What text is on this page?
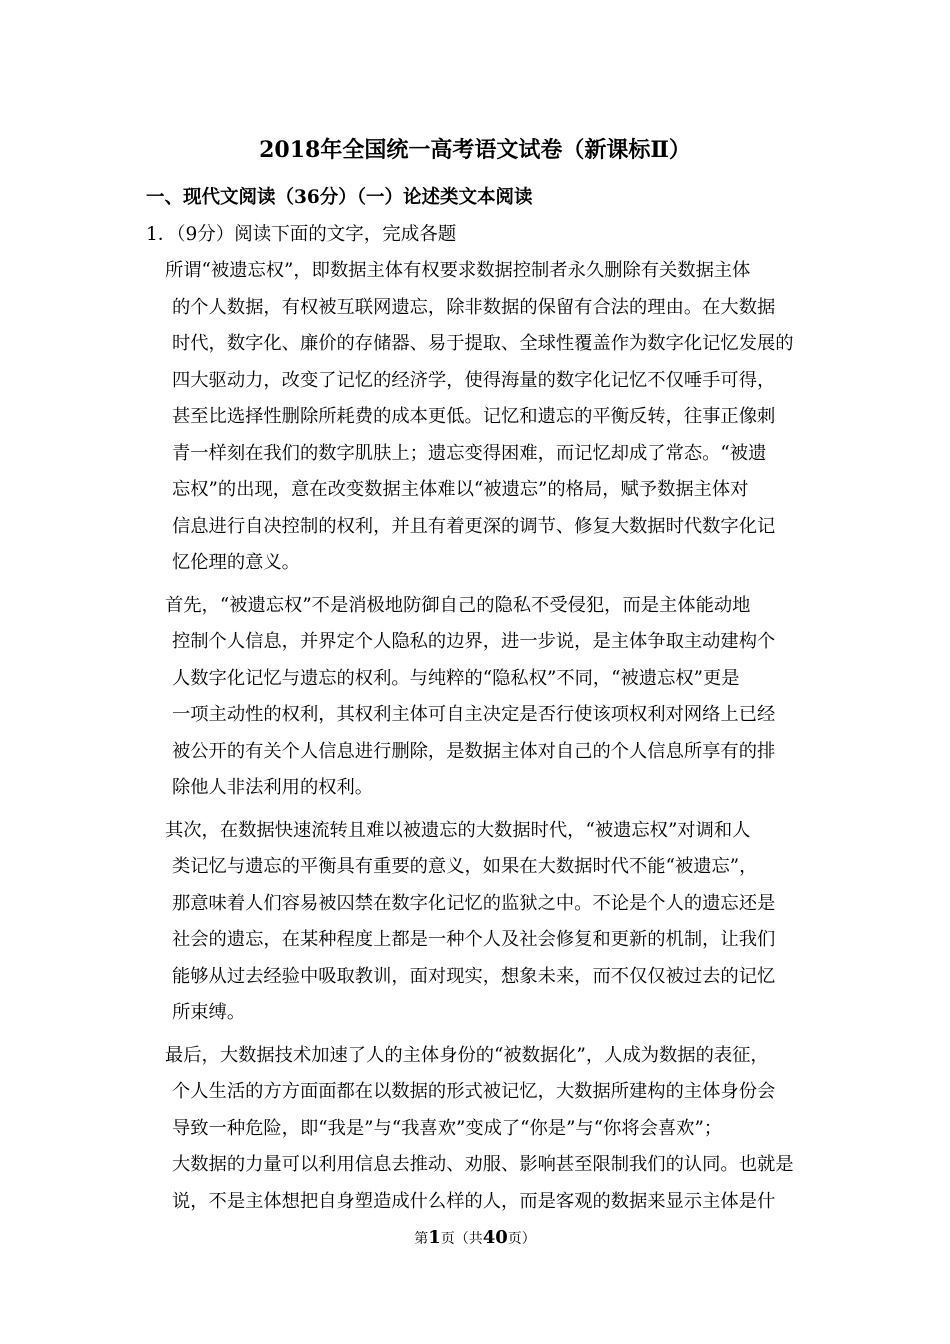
2018年全国统一高考语文试卷（新课标Ⅱ）
一、现代文阅读（36分）（一）论述类文本阅读
1．（9分）阅读下面的文字，完成各题
所谓“被遗忘权”，即数据主体有权要求数据控制者永久删除有关数据主体
的个人数据，有权被互联网遗忘，除非数据的保留有合法的理由。在大数据
时代，数字化、廉价的存储器、易于提取、全球性覆盖作为数字化记忆发展的
四大驱动力，改变了记忆的经济学，使得海量的数字化记忆不仅唾手可得，
甚至比选择性删除所耗费的成本更低。记忆和遗忘的平衡反转，往事正像刺
青一样刻在我们的数字肌肤上；遗忘变得困难，而记忆却成了常态。“被遗
忘权”的出现，意在改变数据主体难以“被遗忘”的格局，赋予数据主体对
信息进行自决控制的权利，并且有着更深的调节、修复大数据时代数字化记
忆伦理的意义。
首先，“被遗忘权”不是消极地防御自己的隐私不受侵犯，而是主体能动地
控制个人信息，并界定个人隐私的边界，进一步说，是主体争取主动建构个
人数字化记忆与遗忘的权利。与纯粹的“隐私权”不同，“被遗忘权”更是
一项主动性的权利，其权利主体可自主决定是否行使该项权利对网络上已经
被公开的有关个人信息进行删除，是数据主体对自己的个人信息所享有的排
除他人非法利用的权利。
其次，在数据快速流转且难以被遗忘的大数据时代，“被遗忘权”对调和人
类记忆与遗忘的平衡具有重要的意义，如果在大数据时代不能“被遗忘”，
那意味着人们容易被囚禁在数字化记忆的监狱之中。不论是个人的遗忘还是
社会的遗忘，在某种程度上都是一种个人及社会修复和更新的机制，让我们
能够从过去经验中吸取教训，面对现实，想象未来，而不仅仅被过去的记忆
所束缚。
最后，大数据技术加速了人的主体身份的“被数据化”，人成为数据的表征，
个人生活的方方面面都在以数据的形式被记忆，大数据所建构的主体身份会
导致一种危险，即“我是”与“我喜欢”变成了“你是”与“你将会喜欢”；
大数据的力量可以利用信息去推动、劝服、影响甚至限制我们的认同。也就是
说，不是主体想把自身塑造成什么样的人，而是客观的数据来显示主体是什
第1页（共40页）
